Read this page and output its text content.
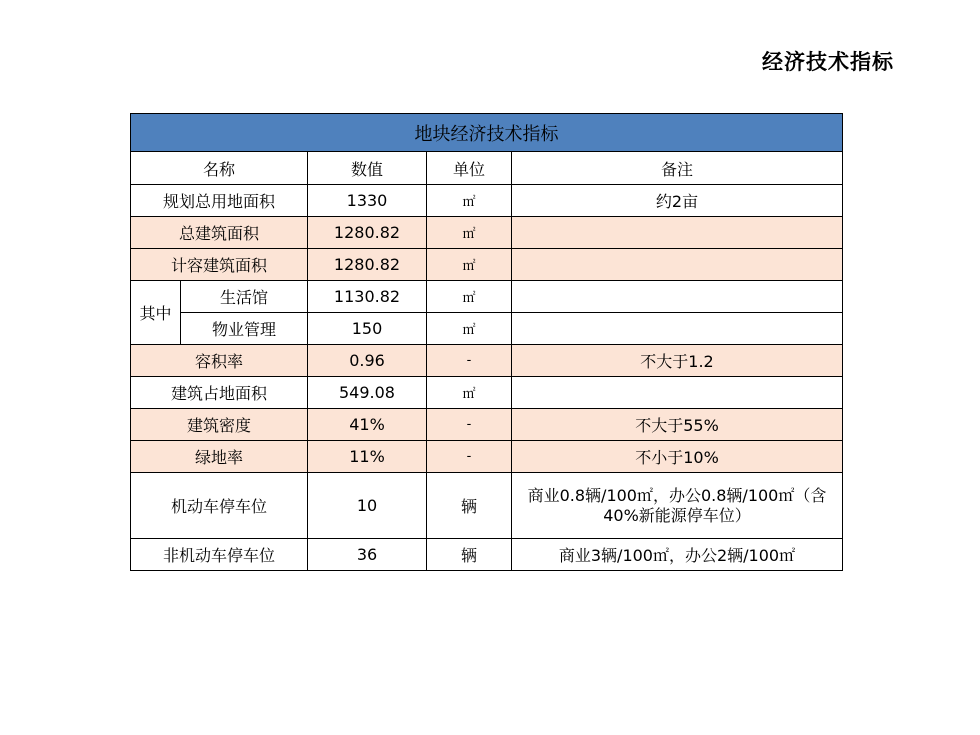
经济技术指标
地块经济技术指标				
名称		数值	单位	备注
规划总用地面积		1330	㎡	约2亩
总建筑面积		1280.82	㎡	
计容建筑面积		1280.82	㎡	
其中	生活馆	1130.82	㎡	
	物业管理	150	㎡	
容积率		0.96	-	不大于1.2
建筑占地面积		549.08	㎡	
建筑密度		41%	-	不大于55%
绿地率		11%	-	不小于10%
机动车停车位		10	辆	商业0.8辆/100㎡，办公0.8辆/100㎡（含40%新能源停车位）
非机动车停车位		36	辆	商业3辆/100㎡，办公2辆/100㎡
